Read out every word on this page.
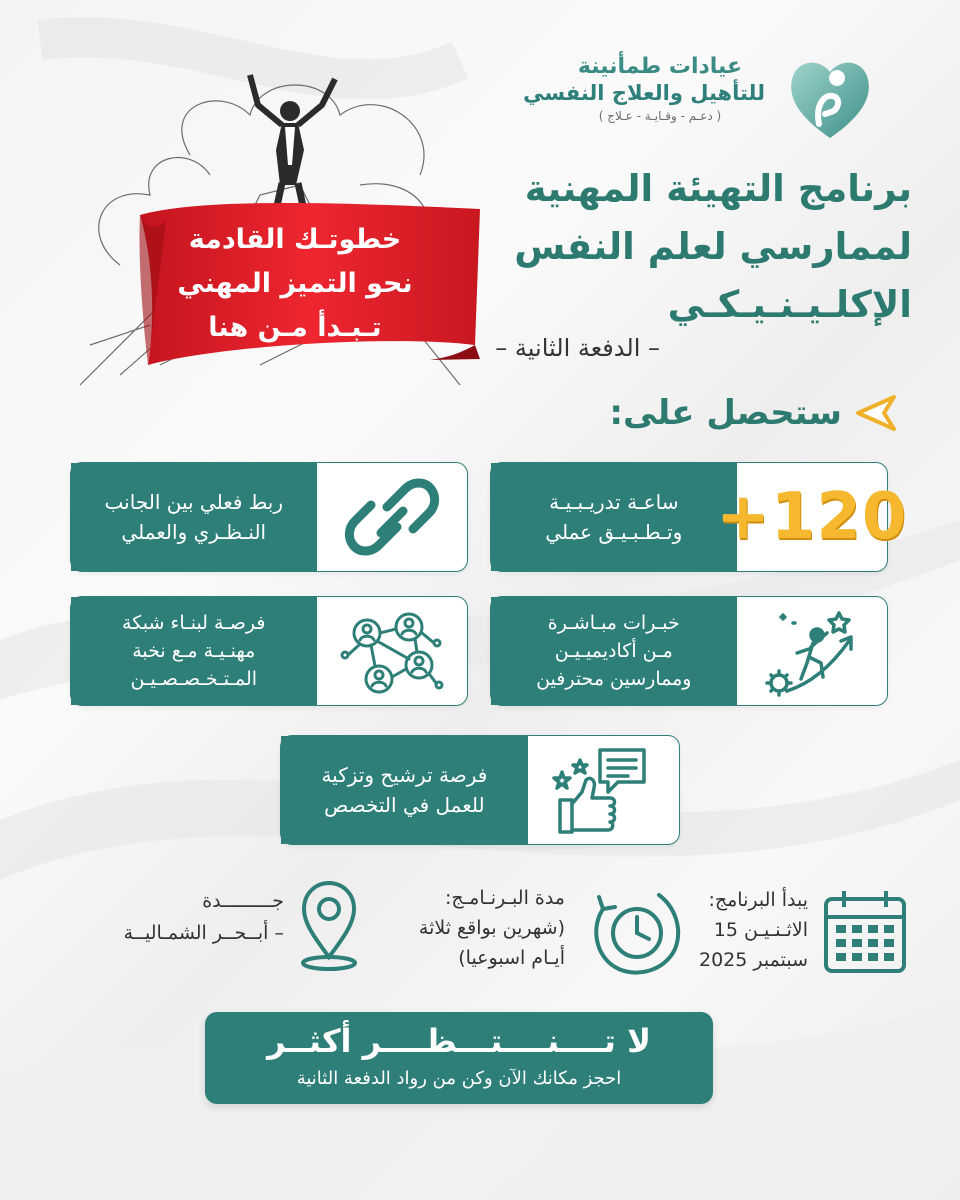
خطوتـك القادمة
نحو التميز المهني
تـبـدأ مـن هنا
عيادات طمأنينة
للتأهيل والعلاج النفسي
( دعـم - وقـايـة - عـلاج )
برنامج التهيئة المهنية
لممارسي لعلم النفس
الإكلـيـنـيـكـي
– الدفعة الثانية –
ستحصل على:
ساعـة تدريـبـيـة
وتـطـبـيـق عملي +120
ربط فعلي بين الجانب
النـظـري والعملي
خبـرات مبـاشـرة
مـن أكاديميـيـن
وممارسين محترفين
فرصـة لبنـاء شبكة
مهنـيـة مـع نخبة
المـتـخـصـصـيـن
فرصة ترشيح وتزكية
للعمل في التخصص
يبدأ البرنامج:
الاثـنـيـن 15
سبتمبر 2025
مدة البـرنـامـج:
(شهرين بواقع ثلاثة
أيـام اسبوعيا)
جـــــــــدة
– أبــحــر الشمـاليــة
لا تــــنــــتـــظــــر أكثــر
احجز مكانك الآن وكن من رواد الدفعة الثانية
